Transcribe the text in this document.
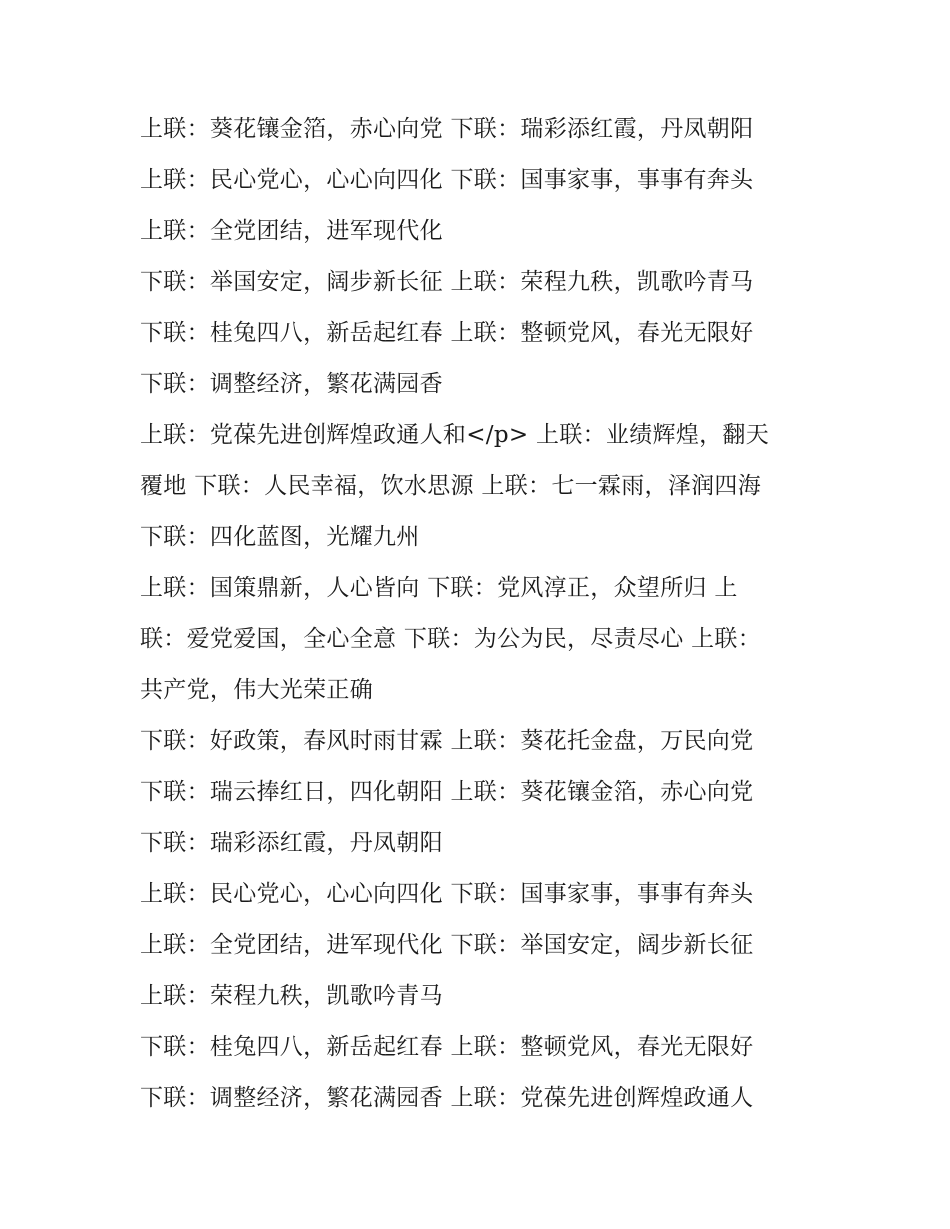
上联：葵花镶金箔，赤心向党 下联：瑞彩添红霞，丹凤朝阳
上联：民心党心，心心向四化 下联：国事家事，事事有奔头
上联：全党团结，进军现代化
下联：举国安定，阔步新长征 上联：荣程九秩，凯歌吟青马
下联：桂兔四八，新岳起红春 上联：整顿党风，春光无限好
下联：调整经济，繁花满园香
上联：党葆先进创辉煌政通人和</p> 上联：业绩辉煌，翻天
覆地 下联：人民幸福，饮水思源 上联：七一霖雨，泽润四海
下联：四化蓝图，光耀九州
上联：国策鼎新，人心皆向 下联：党风淳正，众望所归 上
联：爱党爱国，全心全意 下联：为公为民，尽责尽心 上联：
共产党，伟大光荣正确
下联：好政策，春风时雨甘霖 上联：葵花托金盘，万民向党
下联：瑞云捧红日，四化朝阳 上联：葵花镶金箔，赤心向党
下联：瑞彩添红霞，丹凤朝阳
上联：民心党心，心心向四化 下联：国事家事，事事有奔头
上联：全党团结，进军现代化 下联：举国安定，阔步新长征
上联：荣程九秩，凯歌吟青马
下联：桂兔四八，新岳起红春 上联：整顿党风，春光无限好
下联：调整经济，繁花满园香 上联：党葆先进创辉煌政通人
